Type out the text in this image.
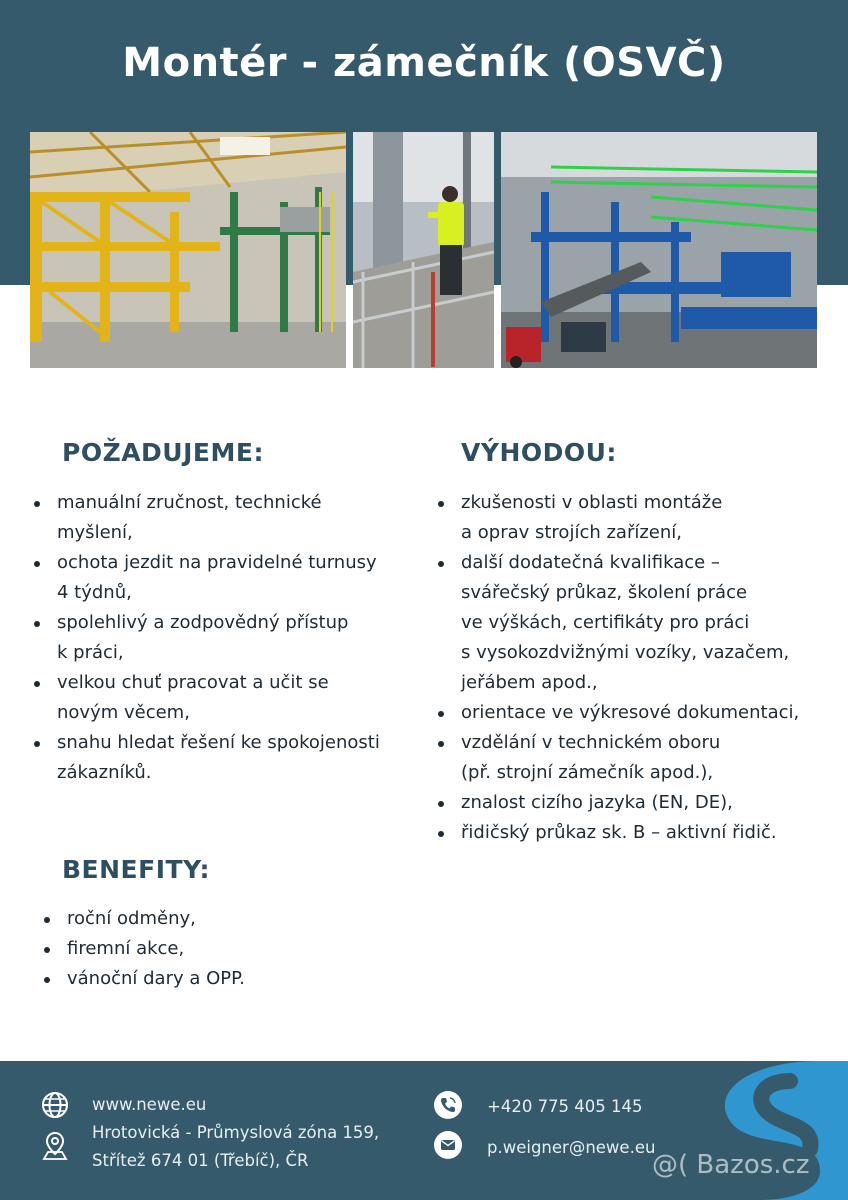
Montér - zámečník (OSVČ)
POŽADUJEME:
manuální zručnost, technické
myšlení,
ochota jezdit na pravidelné turnusy
4 týdnů,
spolehlivý a zodpovědný přístup
k práci,
velkou chuť pracovat a učit se
novým věcem,
snahu hledat řešení ke spokojenosti
zákazníků.
VÝHODOU:
zkušenosti v oblasti montáže
a oprav strojích zařízení,
další dodatečná kvalifikace –
svářečský průkaz, školení práce
ve výškách, certifikáty pro práci
s vysokozdvižnými vozíky, vazačem,
jeřábem apod.,
orientace ve výkresové dokumentaci,
vzdělání v technickém oboru
(př. strojní zámečník apod.),
znalost cizího jazyka (EN, DE),
řidičský průkaz sk. B – aktivní řidič.
BENEFITY:
roční odměny,
firemní akce,
vánoční dary a OPP.
www.newe.eu
Hrotovická - Průmyslová zóna 159,
Střítež 674 01 (Třebíč), ČR
+420 775 405 145
p.weigner@newe.eu
@( Bazos.cz
